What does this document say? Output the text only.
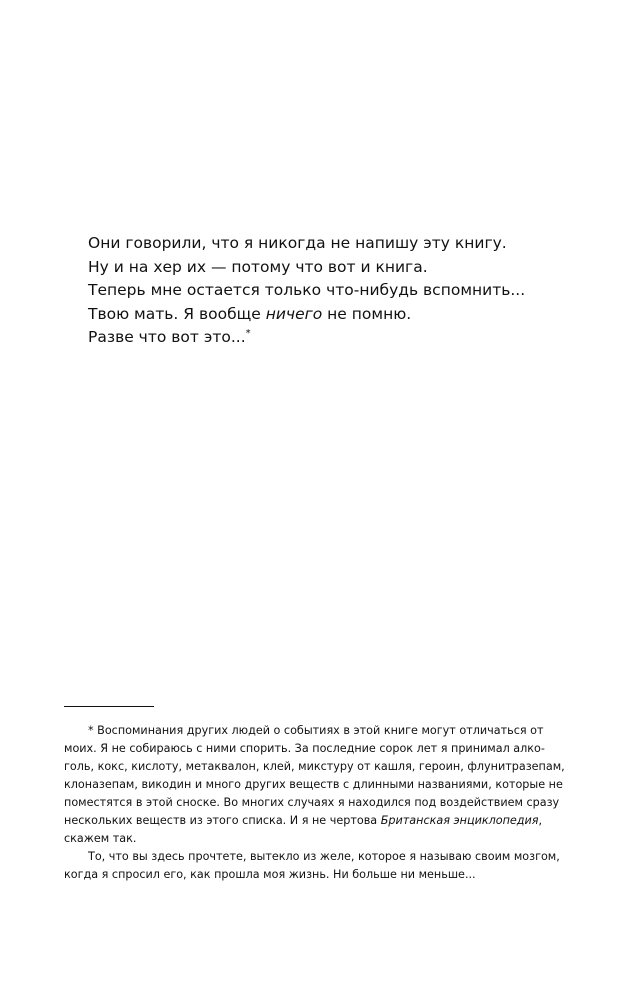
Они говорили, что я никогда не напишу эту книгу.
Ну и на хер их — потому что вот и книга.
Теперь мне остается только что-нибудь вспомнить...
Твою мать. Я вообще ничего не помню.
Разве что вот это...*
* Воспоминания других людей о событиях в этой книге могут отличаться от
моих. Я не собираюсь с ними спорить. За последние сорок лет я принимал алко-
голь, кокс, кислоту, метаквалон, клей, микстуру от кашля, героин, флунитразепам,
клоназепам, викодин и много других веществ с длинными названиями, которые не
поместятся в этой сноске. Во многих случаях я находился под воздействием сразу
нескольких веществ из этого списка. И я не чертова Британская энциклопедия,
скажем так.
То, что вы здесь прочтете, вытекло из желе, которое я называю своим мозгом,
когда я спросил его, как прошла моя жизнь. Ни больше ни меньше...
